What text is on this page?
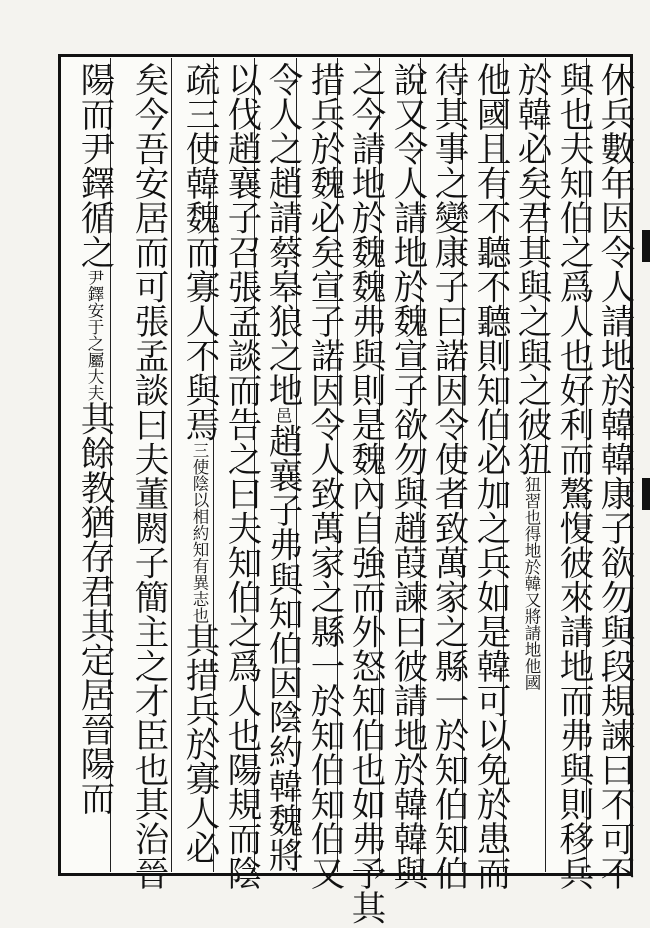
休兵數年因令人請地於韓韓康子欲勿與段規諫曰不可不
與也夫知伯之爲人也好利而驁愎彼來請地而弗與則移兵
於韓必矣君其與之與之彼狃狃習也得地於韓又將請地他國
他國且有不聽不聽則知伯必加之兵如是韓可以免於患而
待其事之變康子曰諾因令使者致萬家之縣一於知伯知伯
說又令人請地於魏宣子欲勿與趙葭諫曰彼請地於韓韓與
之今請地於魏魏弗與則是魏內自強而外怒知伯也如弗予其
措兵於魏必矣宣子諾因令人致萬家之縣一於知伯知伯又
令人之趙請蔡皋狼之地邑趙襄子弗與知伯因陰約韓魏將
以伐趙襄子召張孟談而告之曰夫知伯之爲人也陽規而陰
疏三使韓魏而寡人不與焉三使陰以相約知有異志也其措兵於寡人必
矣今吾安居而可張孟談曰夫董閼子簡主之才臣也其治晉
陽而尹鐸循之尹鐸安于之屬大夫其餘教猶存君其定居晉陽而
